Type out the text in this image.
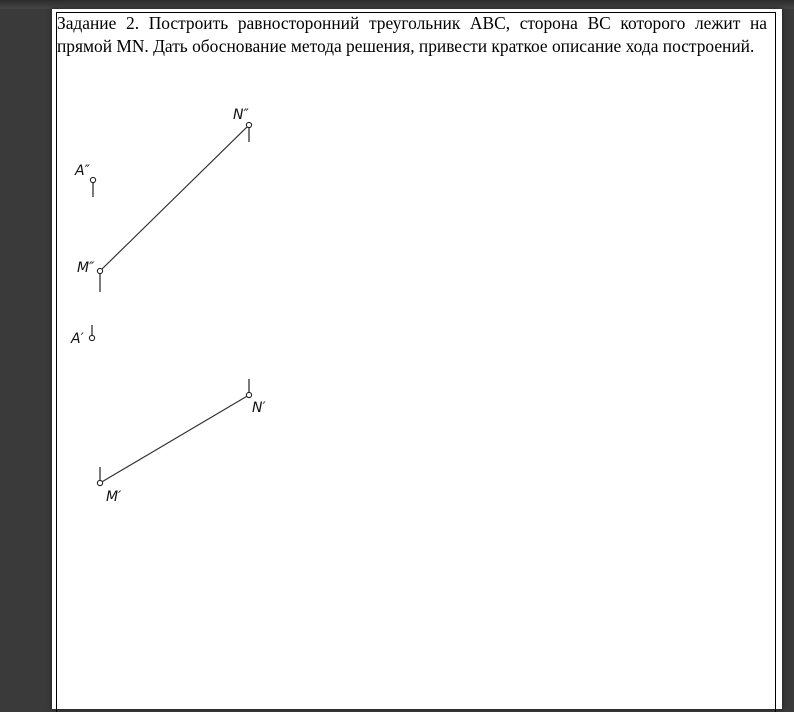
Задание 2. Построить равносторонний треугольник ABC, сторона BC которого лежит на прямой MN. Дать обоснование метода решения, привести краткое описание хода построений.

N″
A″
M″
A′
N′
M′
